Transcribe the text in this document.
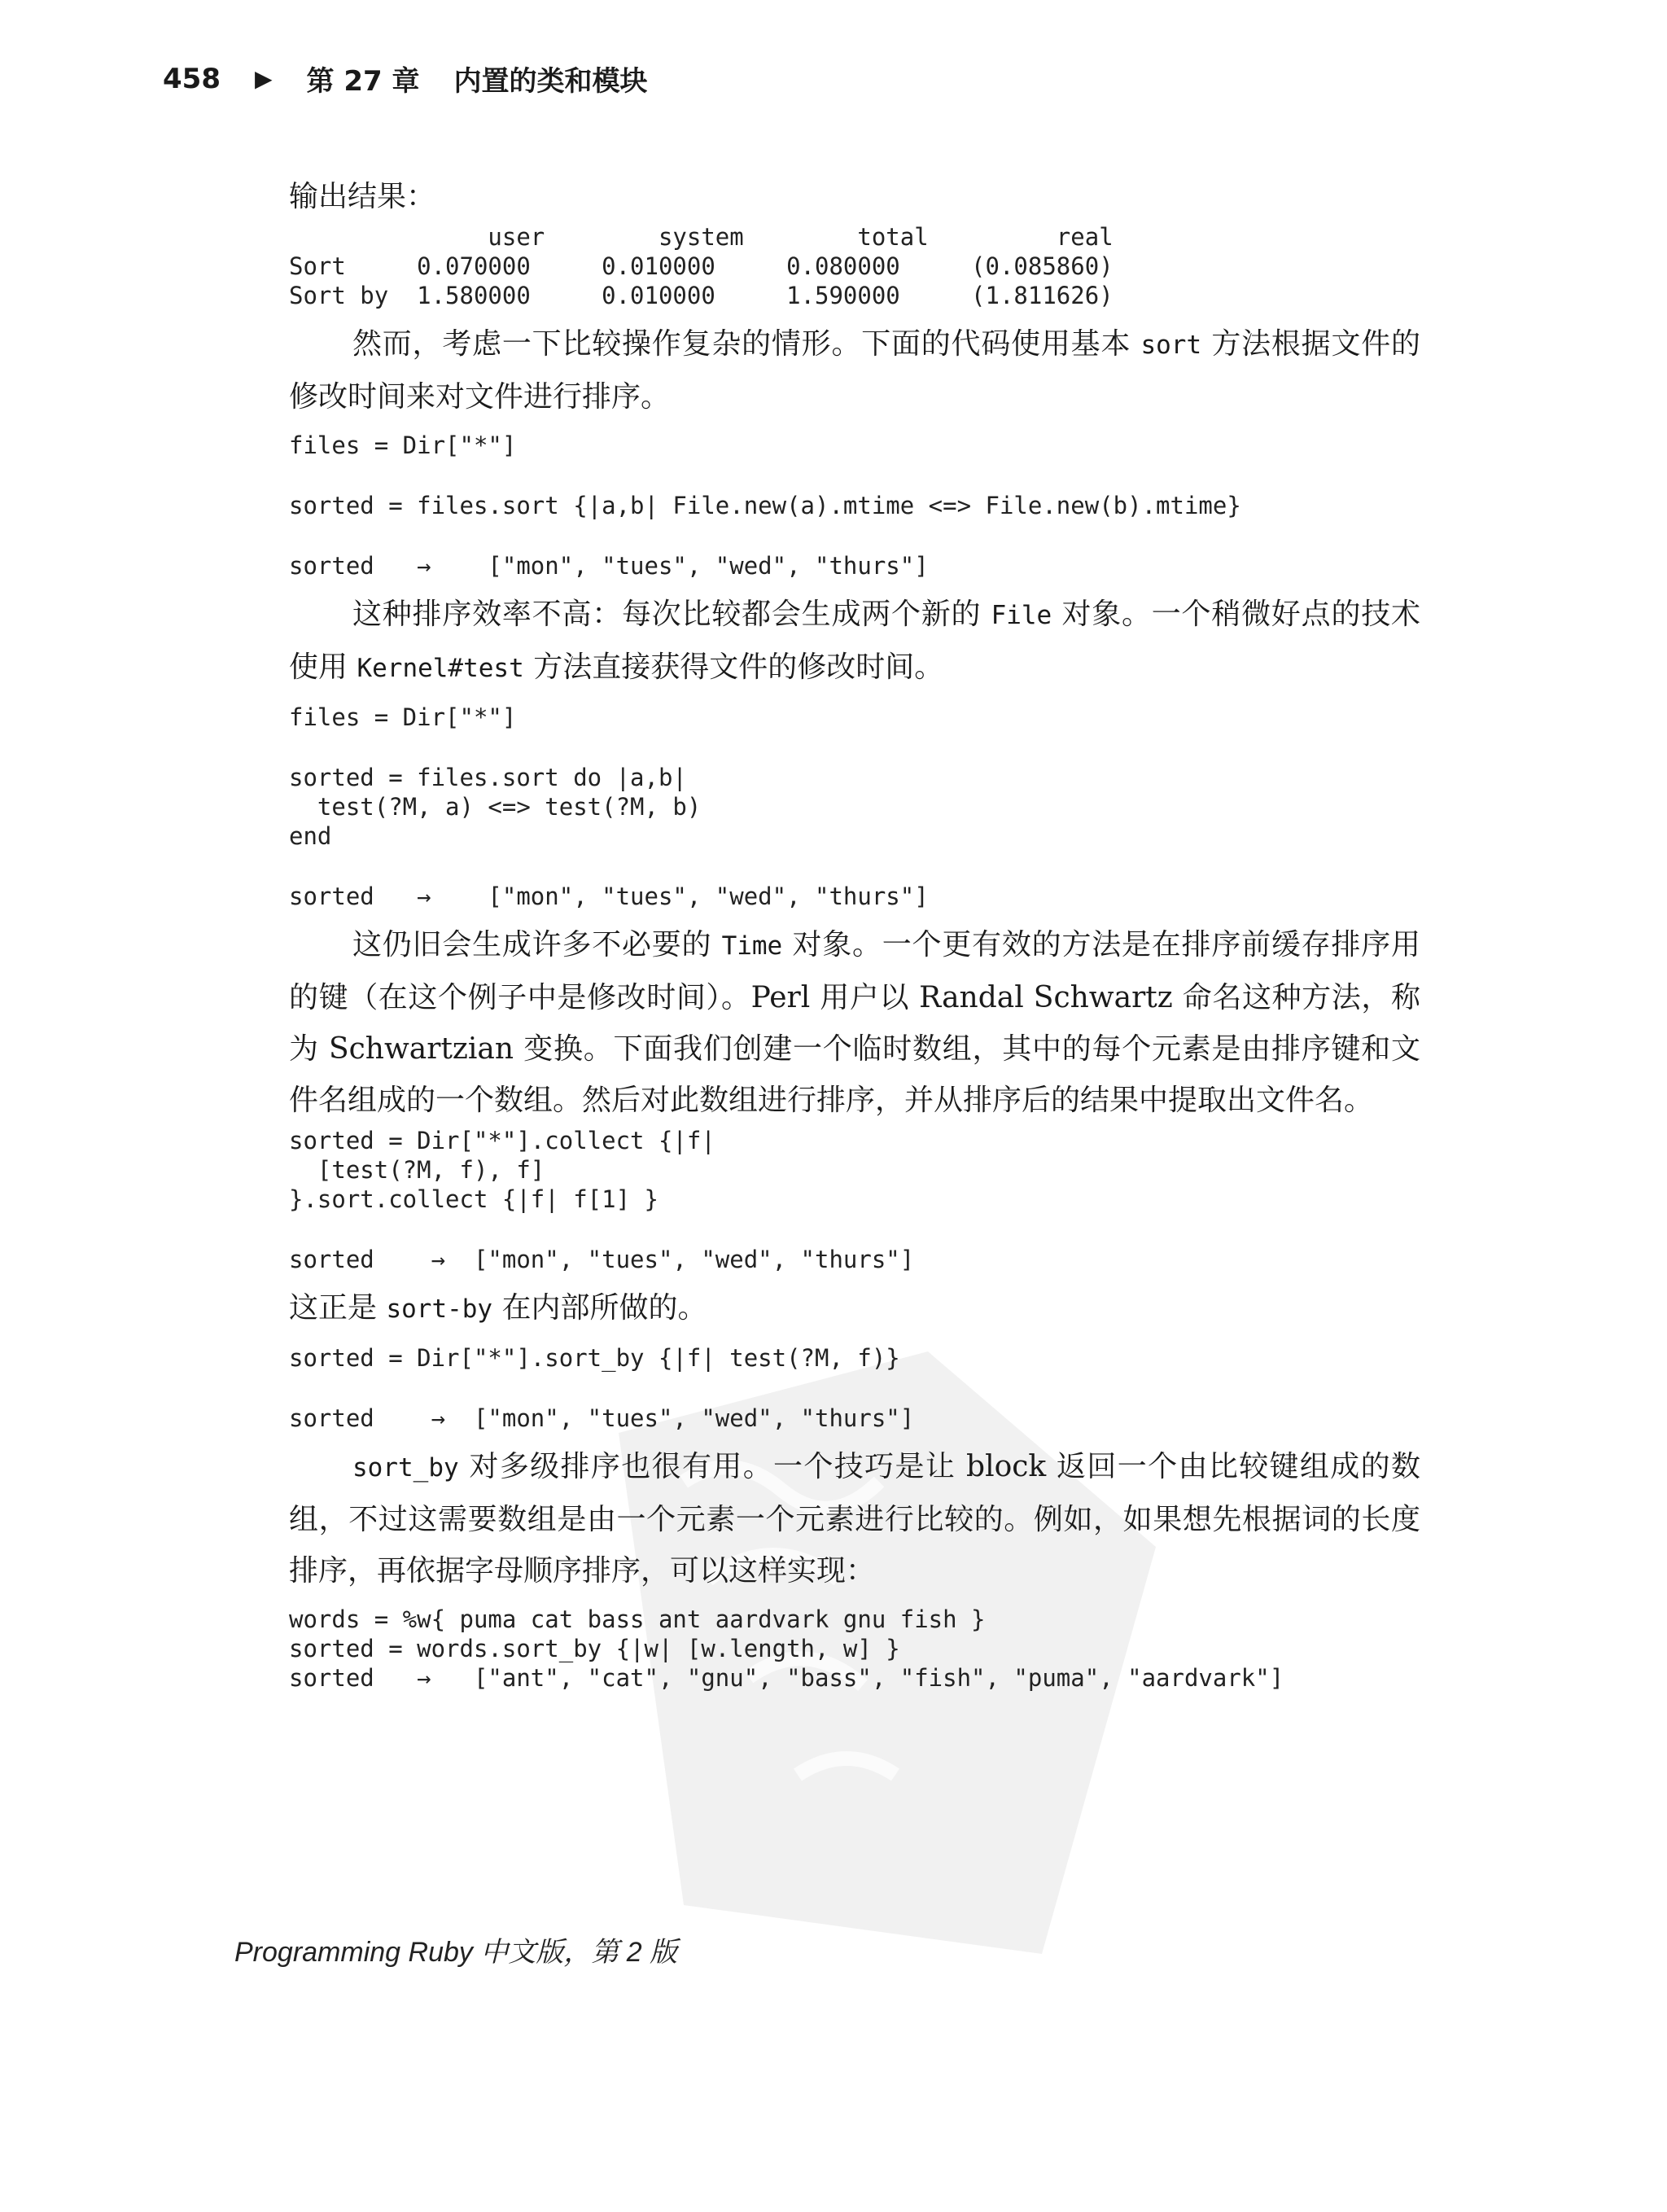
458 ▶ 第 27 章 内置的类和模块

输出结果：

user        system        total         real
Sort     0.070000     0.010000     0.080000     (0.085860)
Sort by  1.580000     0.010000     1.590000     (1.811626)

然而，考虑一下比较操作复杂的情形。下面的代码使用基本 sort 方法根据文件的修改时间来对文件进行排序。

files = Dir["*"]
sorted = files.sort {|a,b| File.new(a).mtime <=> File.new(b).mtime}
sorted   →    ["mon", "tues", "wed", "thurs"]

这种排序效率不高：每次比较都会生成两个新的 File 对象。一个稍微好点的技术使用 Kernel#test 方法直接获得文件的修改时间。

files = Dir["*"]
sorted = files.sort do |a,b|
test(?M, a) <=> test(?M, b)
end
sorted   →    ["mon", "tues", "wed", "thurs"]

这仍旧会生成许多不必要的 Time 对象。一个更有效的方法是在排序前缓存排序用的键（在这个例子中是修改时间）。Perl 用户以 Randal Schwartz 命名这种方法，称为 Schwartzian 变换。下面我们创建一个临时数组，其中的每个元素是由排序键和文件名组成的一个数组。然后对此数组进行排序，并从排序后的结果中提取出文件名。

sorted = Dir["*"].collect {|f|
[test(?M, f), f]
}.sort.collect {|f| f[1] }
sorted    →  ["mon", "tues", "wed", "thurs"]

这正是 sort-by 在内部所做的。

sorted = Dir["*"].sort_by {|f| test(?M, f)}
sorted    →  ["mon", "tues", "wed", "thurs"]

sort_by 对多级排序也很有用。一个技巧是让 block 返回一个由比较键组成的数组，不过这需要数组是由一个元素一个元素进行比较的。例如，如果想先根据词的长度排序，再依据字母顺序排序，可以这样实现：

words = %w{ puma cat bass ant aardvark gnu fish }
sorted = words.sort_by {|w| [w.length, w] }
sorted   →   ["ant", "cat", "gnu", "bass", "fish", "puma", "aardvark"]
Programming Ruby 中文版，第 2 版
